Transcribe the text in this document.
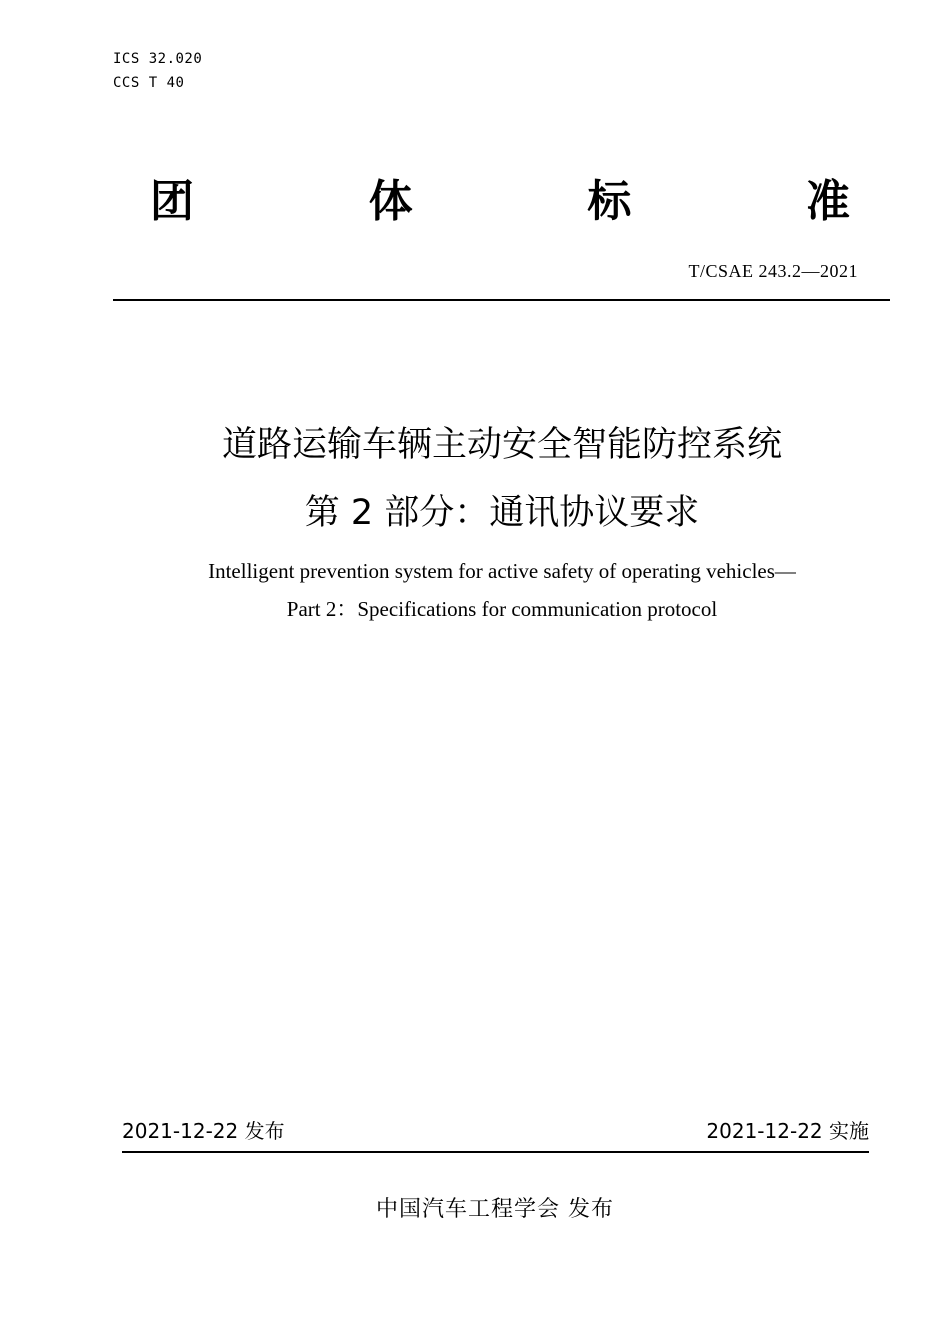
ICS 32.020
CCS T 40
团	体	标	准
T/CSAE 243.2—2021
道路运输车辆主动安全智能防控系统
第 2 部分：通讯协议要求
Intelligent prevention system for active safety of operating vehicles—
Part 2：Specifications for communication protocol
2021-12-22 发布	2021-12-22 实施
中国汽车工程学会 发布
